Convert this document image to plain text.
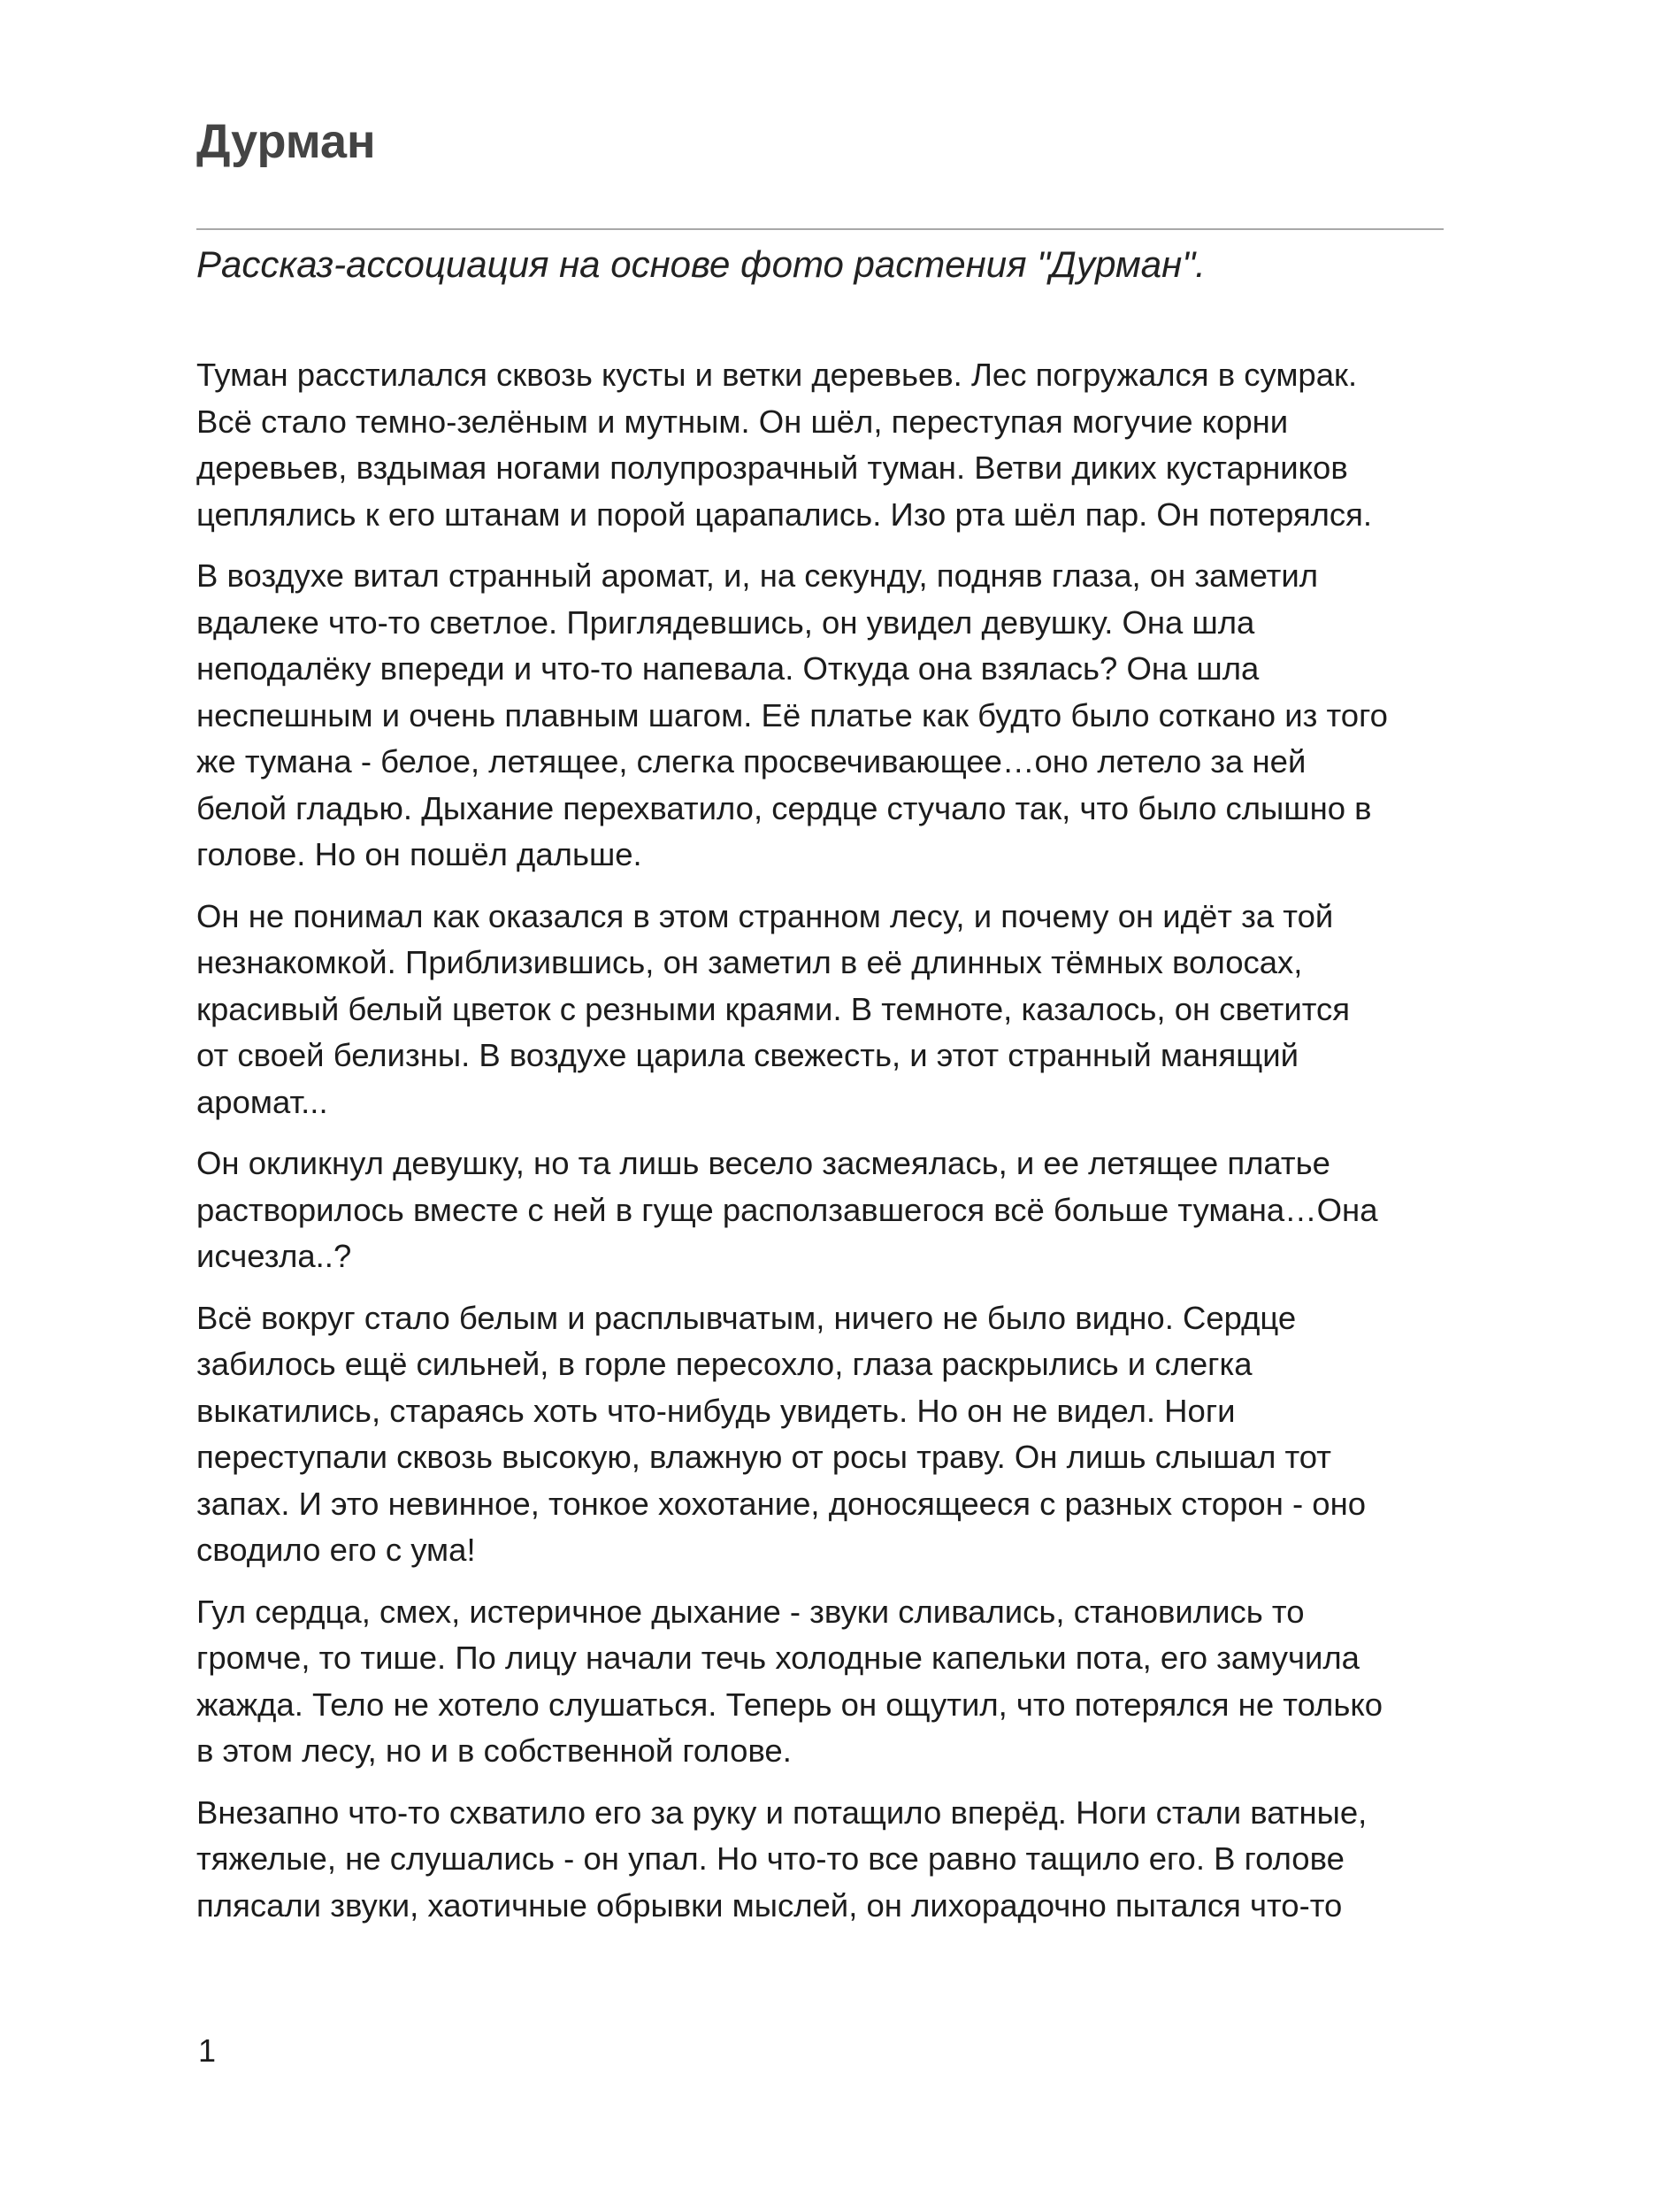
Дурман

Рассказ-ассоциация на основе фото растения "Дурман".

Туман расстилался сквозь кусты и ветки деревьев. Лес погружался в сумрак.
Всё стало темно-зелёным и мутным. Он шёл, переступая могучие корни
деревьев, вздымая ногами полупрозрачный туман. Ветви диких кустарников
цеплялись к его штанам и порой царапались. Изо рта шёл пар. Он потерялся.

В воздухе витал странный аромат, и, на секунду, подняв глаза, он заметил
вдалеке что-то светлое. Приглядевшись, он увидел девушку. Она шла
неподалёку впереди и что-то напевала. Откуда она взялась? Она шла
неспешным и очень плавным шагом. Её платье как будто было соткано из того
же тумана - белое, летящее, слегка просвечивающее…оно летело за ней
белой гладью. Дыхание перехватило, сердце стучало так, что было слышно в
голове. Но он пошёл дальше.

Он не понимал как оказался в этом странном лесу, и почему он идёт за той
незнакомкой. Приблизившись, он заметил в её длинных тёмных волосах,
красивый белый цветок с резными краями. В темноте, казалось, он светится
от своей белизны. В воздухе царила свежесть, и этот странный манящий
аромат...

Он окликнул девушку, но та лишь весело засмеялась, и ее летящее платье
растворилось вместе с ней в гуще расползавшегося всё больше тумана…Она
исчезла..?

Всё вокруг стало белым и расплывчатым, ничего не было видно. Сердце
забилось ещё сильней, в горле пересохло, глаза раскрылись и слегка
выкатились, стараясь хоть что-нибудь увидеть. Но он не видел. Ноги
переступали сквозь высокую, влажную от росы траву. Он лишь слышал тот
запах. И это невинное, тонкое хохотание, доносящееся с разных сторон - оно
сводило его с ума!

Гул сердца, смех, истеричное дыхание - звуки сливались, становились то
громче, то тише. По лицу начали течь холодные капельки пота, его замучила
жажда. Тело не хотело слушаться. Теперь он ощутил, что потерялся не только
в этом лесу, но и в собственной голове.

Внезапно что-то схватило его за руку и потащило вперёд. Ноги стали ватные,
тяжелые, не слушались - он упал. Но что-то все равно тащило его. В голове
плясали звуки, хаотичные обрывки мыслей, он лихорадочно пытался что-то

1
